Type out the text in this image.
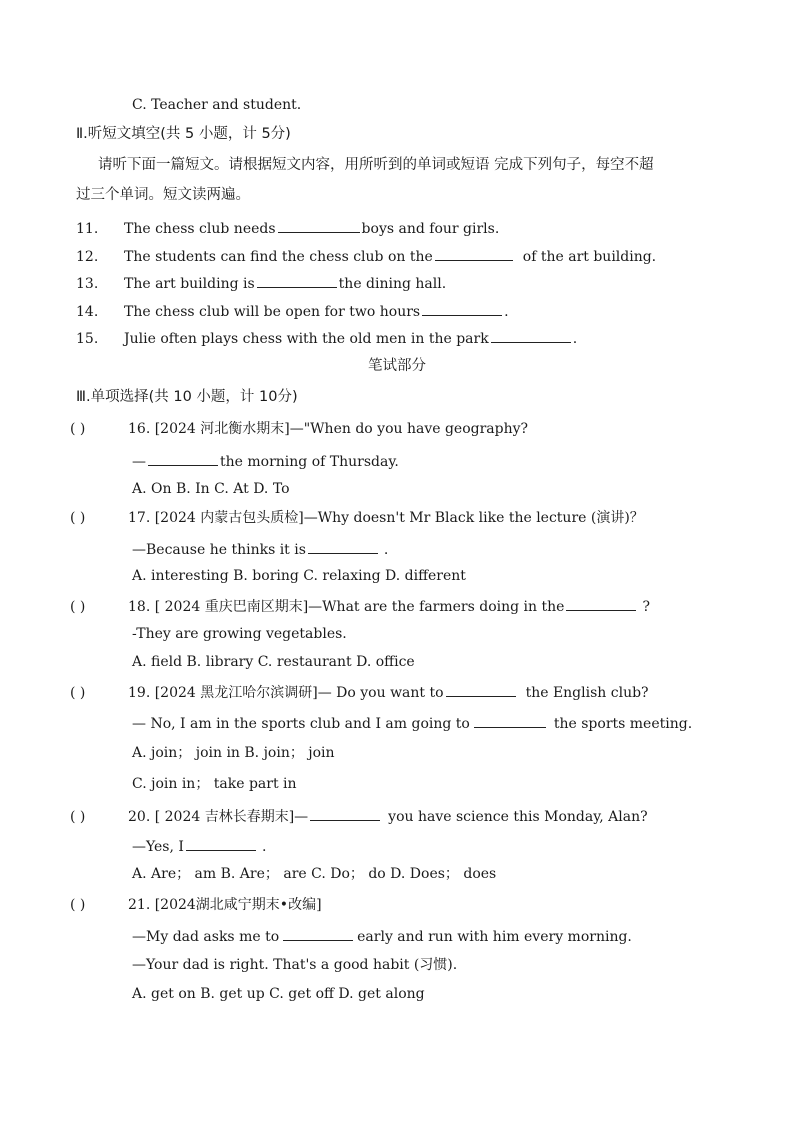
C. Teacher and student.
Ⅱ.听短文填空(共 5 小题，计 5分)
请听下面一篇短文。请根据短文内容，用所听到的单词或短语 完成下列句子，每空不超
过三个单词。短文读两遍。
11. The chess club needs	boys and four girls.
12. The students can find the chess club on the	of the art building.
13. The art building is	the dining hall.
14. The chess club will be open for two hours	.
15. Julie often plays chess with the old men in the park	.
笔试部分
Ⅲ.单项选择(共 10 小题，计 10分)
( )	16. [2024 河北衡水期末]—"When do you have geography?
—	the morning of Thursday.
A. On B. In C. At D. To
( )	17. [2024 内蒙古包头质检]—Why doesn't Mr Black like the lecture (演讲)？
—Because he thinks it is	.
A. interesting B. boring C. relaxing D. different
( )	18. [ 2024 重庆巴南区期末]—What are the farmers doing in the	?
-They are growing vegetables.
A. field B. library C. restaurant D. office
( )	19. [2024 黑龙江哈尔滨调研]— Do you want to	the English club?
— No, I am in the sports club and I am going to	the sports meeting.
A. join； join in B. join； join
C. join in； take part in
( )	20. [ 2024 吉林长春期末]—	you have science this Monday, Alan?
—Yes, I	.
A. Are； am B. Are； are C. Do； do D. Does； does
( )	21. [2024湖北咸宁期末•改编]
—My dad asks me to	early and run with him every morning.
—Your dad is right. That's a good habit (习惯).
A. get on B. get up C. get off D. get along
